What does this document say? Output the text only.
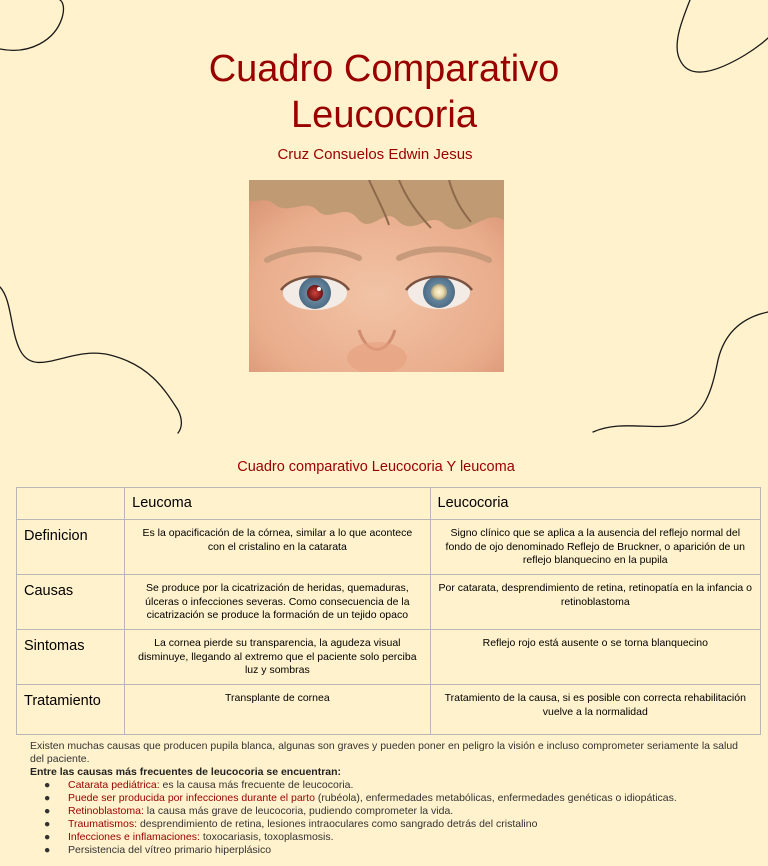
Cuadro Comparativo
Leucocoria
Cruz Consuelos Edwin Jesus
Cuadro comparativo Leucocoria Y leucoma
	Leucoma	Leucocoria
Definicion	Es la opacificación de la córnea, similar a lo que acontece con el cristalino en la catarata	Signo clínico que se aplica a la ausencia del reflejo normal del fondo de ojo denominado Reflejo de Bruckner, o aparición de un reflejo blanquecino en la pupila
Causas	Se produce por la cicatrización de heridas, quemaduras, úlceras o infecciones severas. Como consecuencia de la cicatrización se produce la formación de un tejido opaco	Por catarata, desprendimiento de retina, retinopatía en la infancia o retinoblastoma
Sintomas	La cornea pierde su transparencia, la agudeza visual disminuye, llegando al extremo que el paciente solo perciba luz y sombras	Reflejo rojo está ausente o se torna blanquecino
Tratamiento	Transplante de cornea	Tratamiento de la causa, si es posible con correcta rehabilitación vuelve a la normalidad

Existen muchas causas que producen pupila blanca, algunas son graves y pueden poner en peligro la visión e incluso comprometer seriamente la salud del paciente.

Entre las causas más frecuentes de leucocoria se encuentran:

● Catarata pediátrica: es la causa más frecuente de leucocoria.
● Puede ser producida por infecciones durante el parto (rubéola), enfermedades metabólicas, enfermedades genéticas o idiopáticas.
● Retinoblastoma: la causa más grave de leucocoria, pudiendo comprometer la vida.
● Traumatismos: desprendimiento de retina, lesiones intraoculares como sangrado detrás del cristalino
● Infecciones e inflamaciones: toxocariasis, toxoplasmosis.
● Persistencia del vítreo primario hiperplásico
